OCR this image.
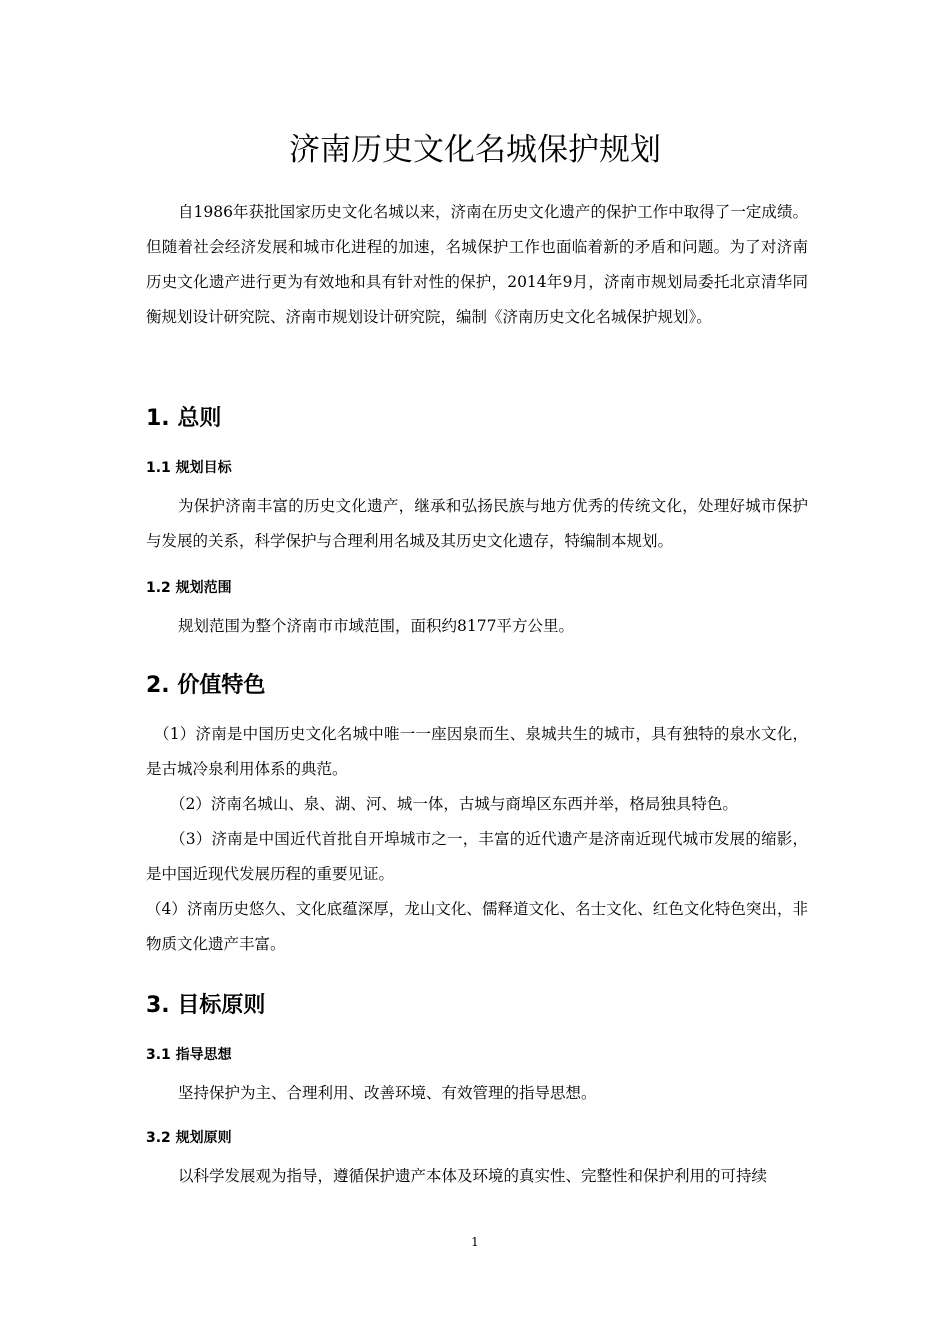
济南历史文化名城保护规划

自1986年获批国家历史文化名城以来，济南在历史文化遗产的保护工作中取得了一定成绩。但随着社会经济发展和城市化进程的加速，名城保护工作也面临着新的矛盾和问题。为了对济南历史文化遗产进行更为有效地和具有针对性的保护，2014年9月，济南市规划局委托北京清华同衡规划设计研究院、济南市规划设计研究院，编制《济南历史文化名城保护规划》。

1. 总则
1.1 规划目标

为保护济南丰富的历史文化遗产，继承和弘扬民族与地方优秀的传统文化，处理好城市保护与发展的关系，科学保护与合理利用名城及其历史文化遗存，特编制本规划。

1.2 规划范围

规划范围为整个济南市市域范围，面积约8177平方公里。

2. 价值特色

（1）济南是中国历史文化名城中唯一一座因泉而生、泉城共生的城市，具有独特的泉水文化，是古城冷泉利用体系的典范。

（2）济南名城山、泉、湖、河、城一体，古城与商埠区东西并举，格局独具特色。

（3）济南是中国近代首批自开埠城市之一，丰富的近代遗产是济南近现代城市发展的缩影，是中国近现代发展历程的重要见证。

（4）济南历史悠久、文化底蕴深厚，龙山文化、儒释道文化、名士文化、红色文化特色突出，非物质文化遗产丰富。

3. 目标原则
3.1 指导思想

坚持保护为主、合理利用、改善环境、有效管理的指导思想。

3.2 规划原则

以科学发展观为指导，遵循保护遗产本体及环境的真实性、完整性和保护利用的可持续

1
